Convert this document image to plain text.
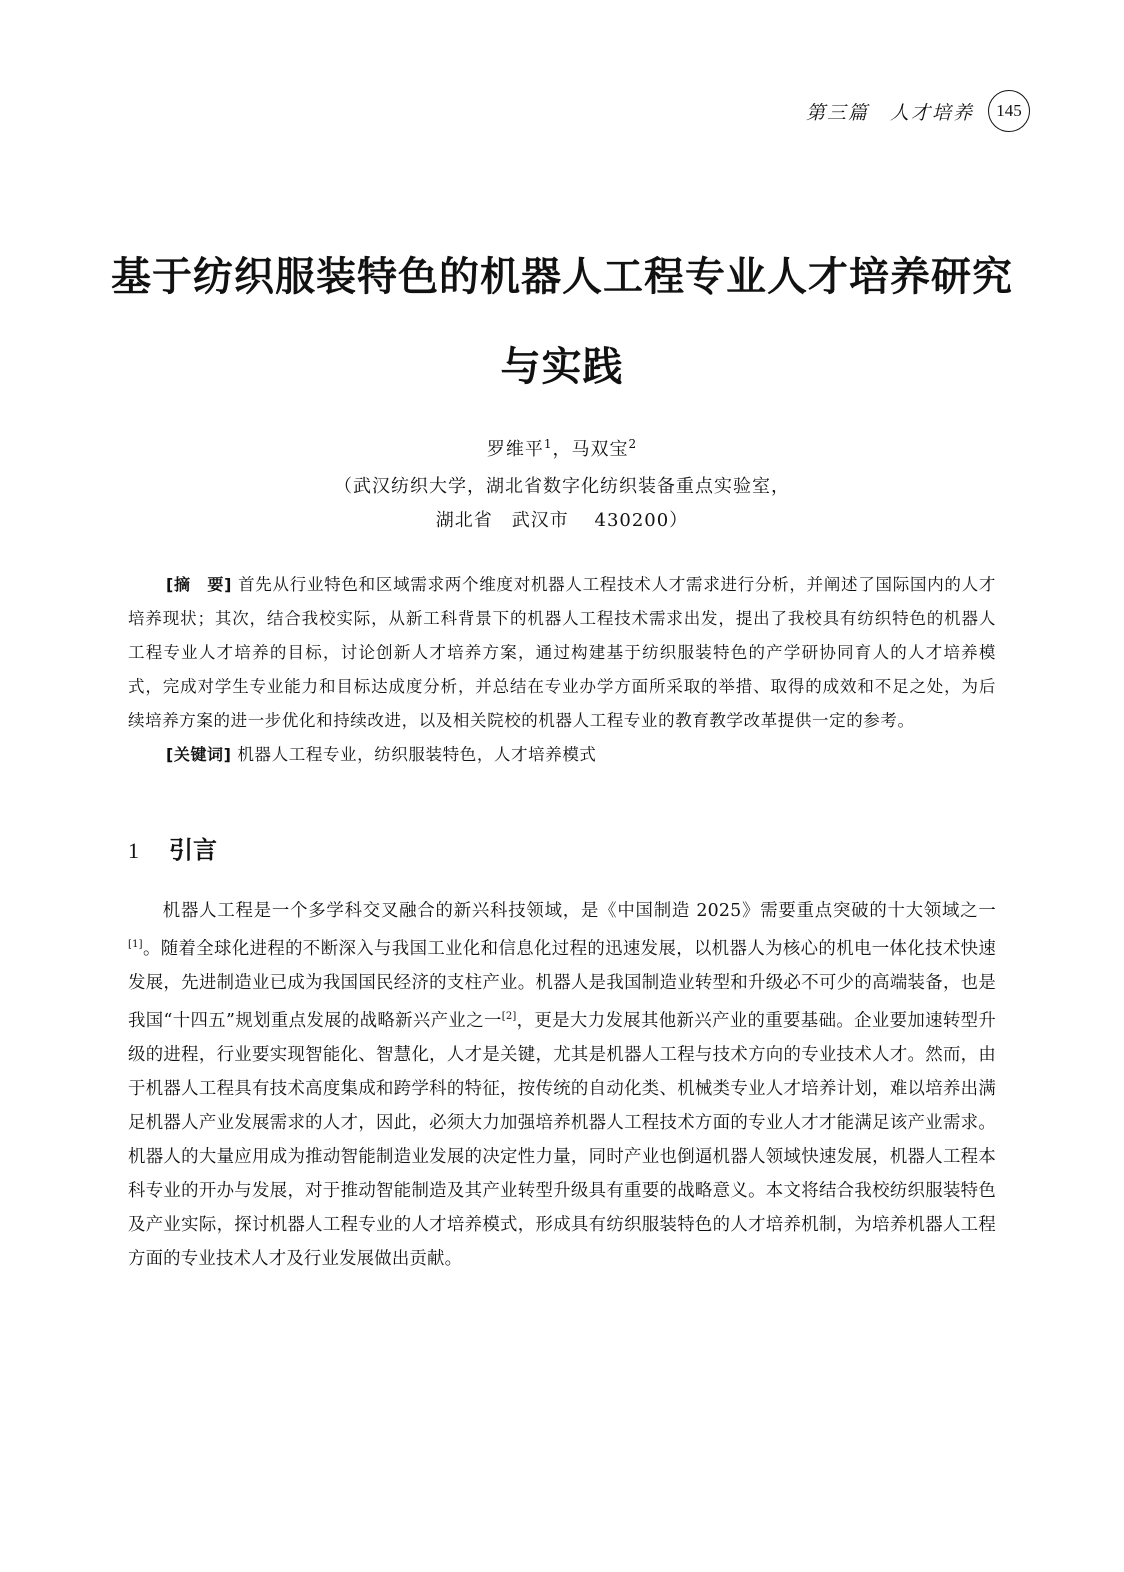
第三篇　人才培养	145
基于纺织服装特色的机器人工程专业人才培养研究与实践
罗维平$^1$，马双宝$^2$
（武汉纺织大学，湖北省数字化纺织装备重点实验室，
湖北省　武汉市　 430200）

[摘　要] 首先从行业特色和区域需求两个维度对机器人工程技术人才需求进行分析，并阐述了国际国内的人才培养现状；其次，结合我校实际，从新工科背景下的机器人工程技术需求出发，提出了我校具有纺织特色的机器人工程专业人才培养的目标，讨论创新人才培养方案，通过构建基于纺织服装特色的产学研协同育人的人才培养模式，完成对学生专业能力和目标达成度分析，并总结在专业办学方面所采取的举措、取得的成效和不足之处，为后续培养方案的进一步优化和持续改进，以及相关院校的机器人工程专业的教育教学改革提供一定的参考。

[关键词] 机器人工程专业，纺织服装特色，人才培养模式

1 引言

机器人工程是一个多学科交叉融合的新兴科技领域，是《中国制造 2025》需要重点突破的十大领域之一[1]。随着全球化进程的不断深入与我国工业化和信息化过程的迅速发展，以机器人为核心的机电一体化技术快速发展，先进制造业已成为我国国民经济的支柱产业。机器人是我国制造业转型和升级必不可少的高端装备，也是我国“十四五”规划重点发展的战略新兴产业之一[2]，更是大力发展其他新兴产业的重要基础。企业要加速转型升级的进程，行业要实现智能化、智慧化，人才是关键，尤其是机器人工程与技术方向的专业技术人才。然而，由于机器人工程具有技术高度集成和跨学科的特征，按传统的自动化类、机械类专业人才培养计划，难以培养出满足机器人产业发展需求的人才，因此，必须大力加强培养机器人工程技术方面的专业人才才能满足该产业需求。机器人的大量应用成为推动智能制造业发展的决定性力量，同时产业也倒逼机器人领域快速发展，机器人工程本科专业的开办与发展，对于推动智能制造及其产业转型升级具有重要的战略意义。本文将结合我校纺织服装特色及产业实际，探讨机器人工程专业的人才培养模式，形成具有纺织服装特色的人才培养机制，为培养机器人工程方面的专业技术人才及行业发展做出贡献。
